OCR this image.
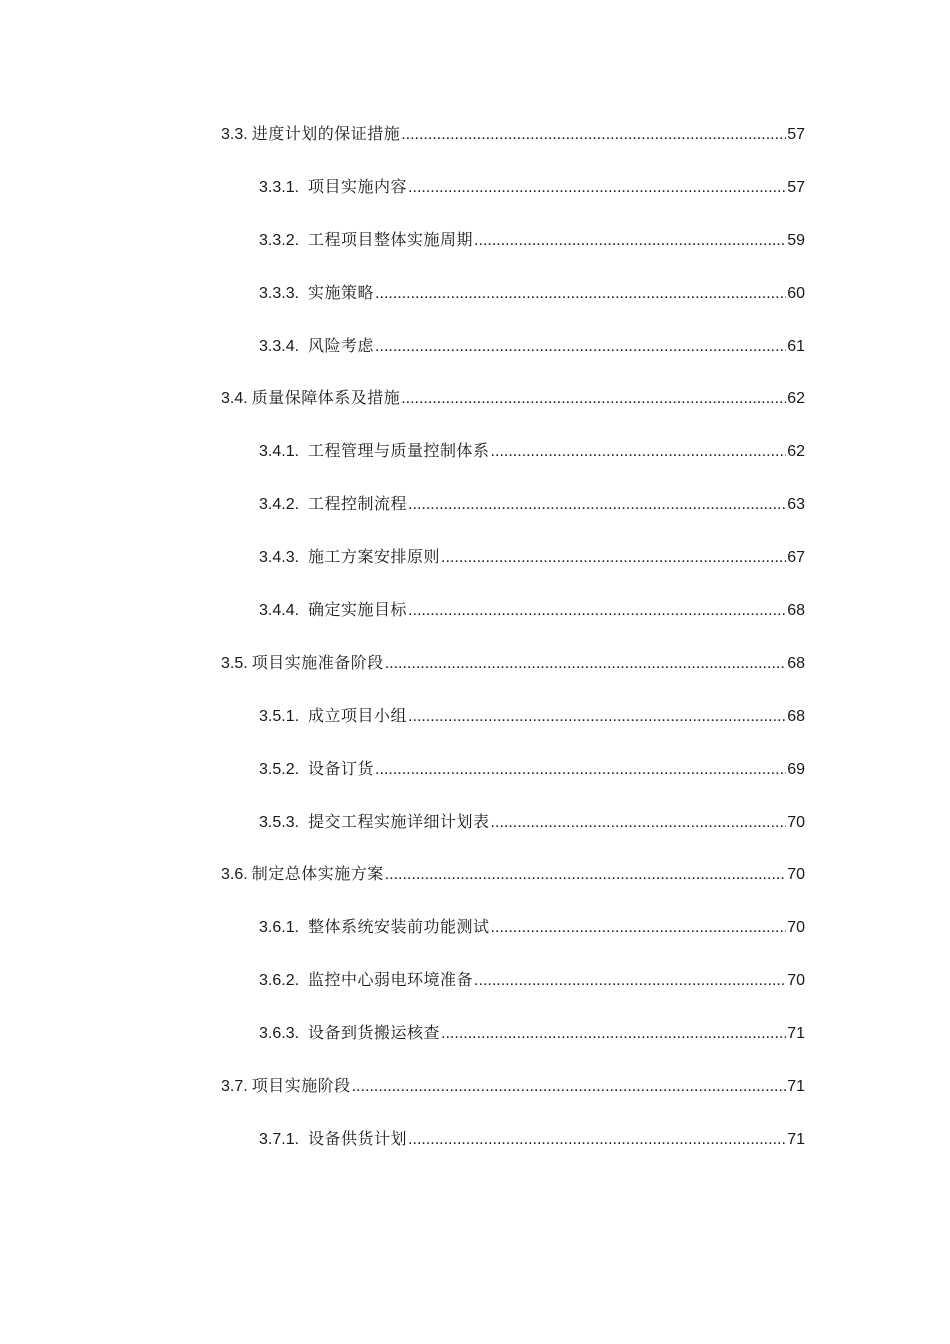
3.3. 进度计划的保证措施 .....	57
3.3.1. 项目实施内容 .....	57
3.3.2. 工程项目整体实施周期 .....	59
3.3.3. 实施策略 .....	60
3.3.4. 风险考虑 .....	61
3.4. 质量保障体系及措施 .....	62
3.4.1. 工程管理与质量控制体系 .....	62
3.4.2. 工程控制流程 .....	63
3.4.3. 施工方案安排原则 .....	67
3.4.4. 确定实施目标 .....	68
3.5. 项目实施准备阶段 .....	68
3.5.1. 成立项目小组 .....	68
3.5.2. 设备订货 .....	69
3.5.3. 提交工程实施详细计划表 .....	70
3.6. 制定总体实施方案 .....	70
3.6.1. 整体系统安装前功能测试 .....	70
3.6.2. 监控中心弱电环境准备 .....	70
3.6.3. 设备到货搬运核查 .....	71
3.7. 项目实施阶段 .....	71
3.7.1. 设备供货计划 .....	71
